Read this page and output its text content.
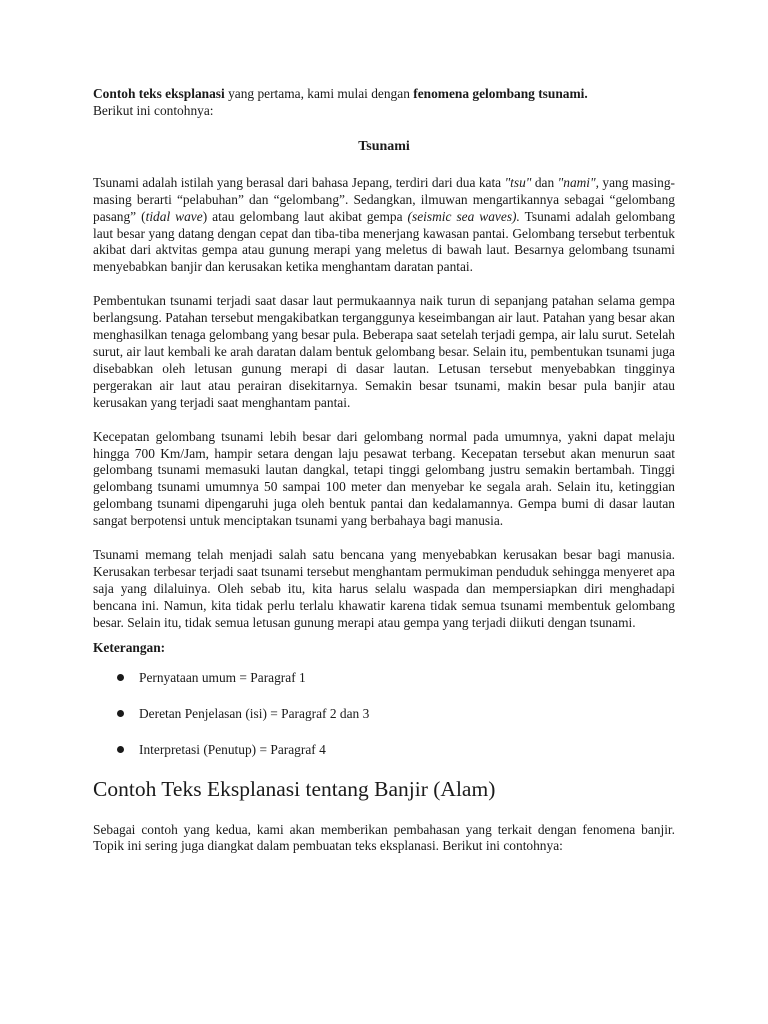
Contoh teks eksplanasi yang pertama, kami mulai dengan fenomena gelombang tsunami.
Berikut ini contohnya:

Tsunami

Tsunami adalah istilah yang berasal dari bahasa Jepang, terdiri dari dua kata "tsu" dan "nami", yang masing-masing berarti “pelabuhan” dan “gelombang”. Sedangkan, ilmuwan mengartikannya sebagai “gelombang pasang” (tidal wave) atau gelombang laut akibat gempa (seismic sea waves). Tsunami adalah gelombang laut besar yang datang dengan cepat dan tiba-tiba menerjang kawasan pantai. Gelombang tersebut terbentuk akibat dari aktvitas gempa atau gunung merapi yang meletus di bawah laut. Besarnya gelombang tsunami menyebabkan banjir dan kerusakan ketika menghantam daratan pantai.

Pembentukan tsunami terjadi saat dasar laut permukaannya naik turun di sepanjang patahan selama gempa berlangsung. Patahan tersebut mengakibatkan terganggunya keseimbangan air laut. Patahan yang besar akan menghasilkan tenaga gelombang yang besar pula. Beberapa saat setelah terjadi gempa, air lalu surut. Setelah surut, air laut kembali ke arah daratan dalam bentuk gelombang besar. Selain itu, pembentukan tsunami juga disebabkan oleh letusan gunung merapi di dasar lautan. Letusan tersebut menyebabkan tingginya pergerakan air laut atau perairan disekitarnya. Semakin besar tsunami, makin besar pula banjir atau kerusakan yang terjadi saat menghantam pantai.

Kecepatan gelombang tsunami lebih besar dari gelombang normal pada umumnya, yakni dapat melaju hingga 700 Km/Jam, hampir setara dengan laju pesawat terbang. Kecepatan tersebut akan menurun saat gelombang tsunami memasuki lautan dangkal, tetapi tinggi gelombang justru semakin bertambah. Tinggi gelombang tsunami umumnya 50 sampai 100 meter dan menyebar ke segala arah. Selain itu, ketinggian gelombang tsunami dipengaruhi juga oleh bentuk pantai dan kedalamannya. Gempa bumi di dasar lautan sangat berpotensi untuk menciptakan tsunami yang berbahaya bagi manusia.

Tsunami memang telah menjadi salah satu bencana yang menyebabkan kerusakan besar bagi manusia. Kerusakan terbesar terjadi saat tsunami tersebut menghantam permukiman penduduk sehingga menyeret apa saja yang dilaluinya. Oleh sebab itu, kita harus selalu waspada dan mempersiapkan diri menghadapi bencana ini. Namun, kita tidak perlu terlalu khawatir karena tidak semua tsunami membentuk gelombang besar. Selain itu, tidak semua letusan gunung merapi atau gempa yang terjadi diikuti dengan tsunami.

Keterangan:
Pernyataan umum = Paragraf 1
Deretan Penjelasan (isi) = Paragraf 2 dan 3
Interpretasi (Penutup) = Paragraf 4
Contoh Teks Eksplanasi tentang Banjir (Alam)

Sebagai contoh yang kedua, kami akan memberikan pembahasan yang terkait dengan fenomena banjir. Topik ini sering juga diangkat dalam pembuatan teks eksplanasi. Berikut ini contohnya:
